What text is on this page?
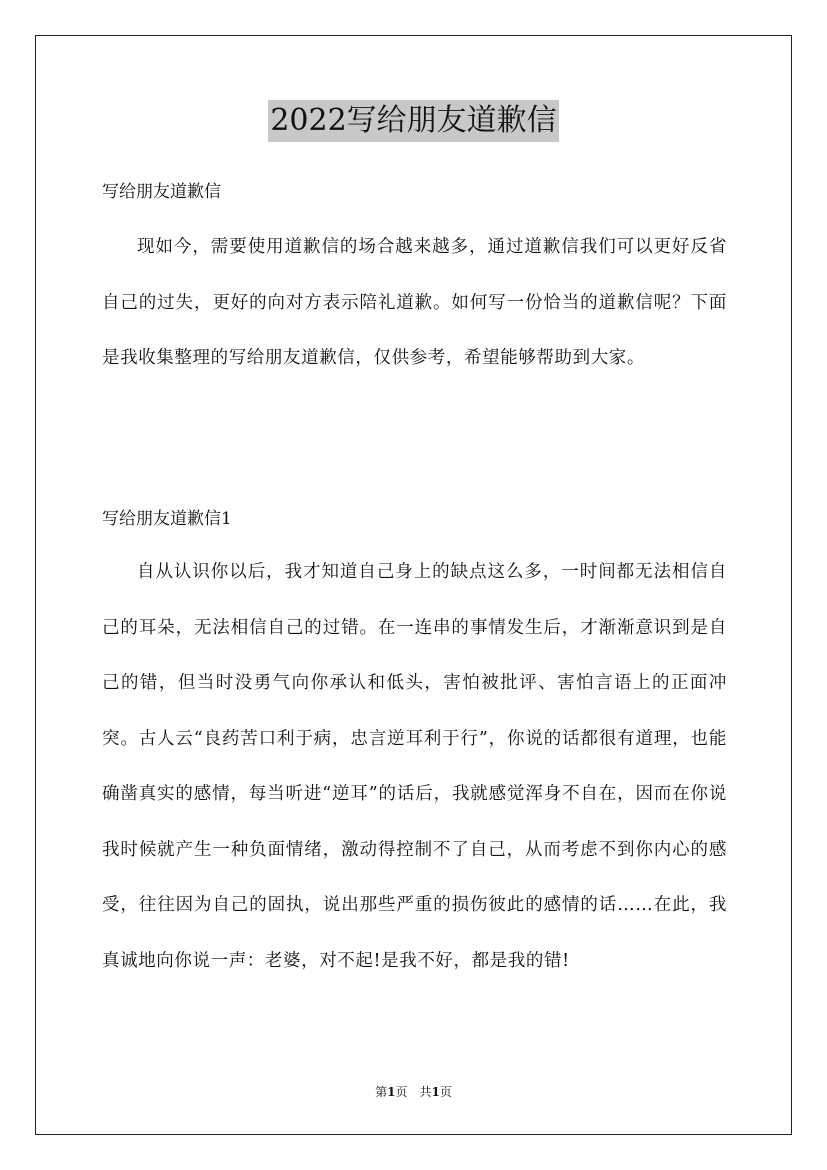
2022写给朋友道歉信
写给朋友道歉信

现如今，需要使用道歉信的场合越来越多，通过道歉信我们可以更好反省自己的过失，更好的向对方表示陪礼道歉。如何写一份恰当的道歉信呢？下面是我收集整理的写给朋友道歉信，仅供参考，希望能够帮助到大家。

写给朋友道歉信1

自从认识你以后，我才知道自己身上的缺点这么多，一时间都无法相信自己的耳朵，无法相信自己的过错。在一连串的事情发生后，才渐渐意识到是自己的错，但当时没勇气向你承认和低头，害怕被批评、害怕言语上的正面冲突。古人云“良药苦口利于病，忠言逆耳利于行”，你说的话都很有道理，也能确凿真实的感情，每当听进“逆耳”的话后，我就感觉浑身不自在，因而在你说我时候就产生一种负面情绪，激动得控制不了自己，从而考虑不到你内心的感受，往往因为自己的固执，说出那些严重的损伤彼此的感情的话……在此，我真诚地向你说一声：老婆，对不起!是我不好，都是我的错!

第1页　共1页
